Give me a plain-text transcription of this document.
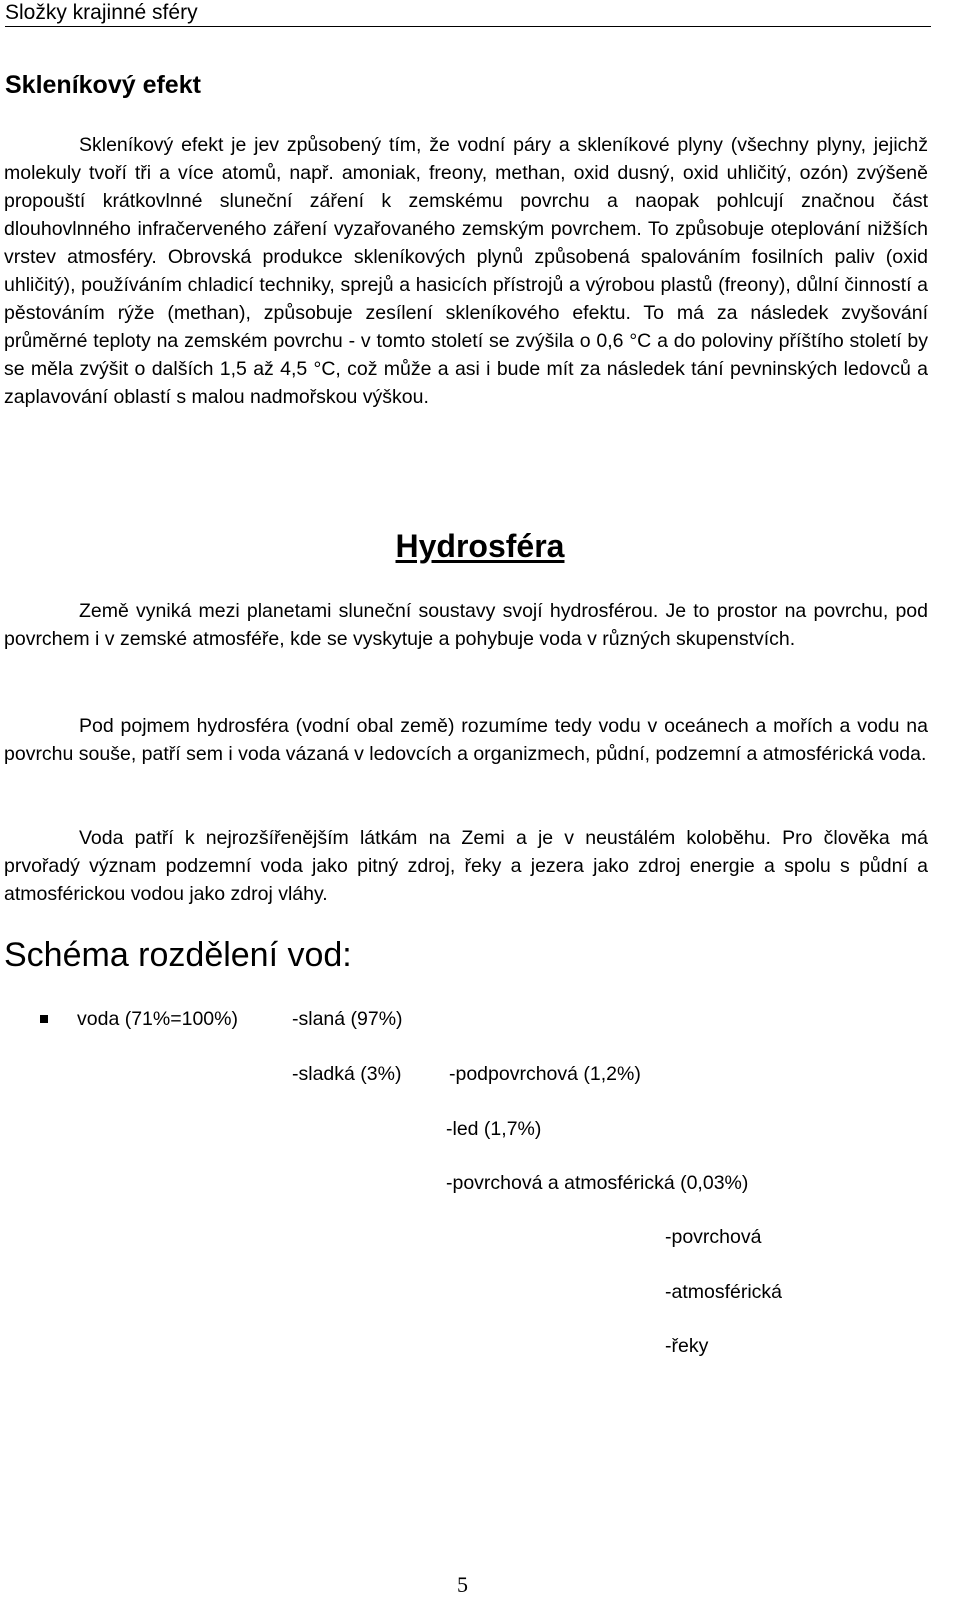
Složky krajinné sféry
Skleníkový efekt

Skleníkový efekt je jev způsobený tím, že vodní páry a skleníkové plyny (všechny plyny, jejichž molekuly tvoří tři a více atomů, např. amoniak, freony, methan, oxid dusný, oxid uhličitý, ozón) zvýšeně propouští krátkovlnné sluneční záření k zemskému povrchu a naopak pohlcují značnou část dlouhovlnného infračerveného záření vyzařovaného zemským povrchem. To způsobuje oteplování nižších vrstev atmosféry. Obrovská produkce skleníkových plynů způsobená spalováním fosilních paliv (oxid uhličitý), používáním chladicí techniky, sprejů a hasicích přístrojů a výrobou plastů (freony), důlní činností a pěstováním rýže (methan), způsobuje zesílení skleníkového efektu. To má za následek zvyšování průměrné teploty na zemském povrchu - v tomto století se zvýšila o 0,6 °C a do poloviny příštího století by se měla zvýšit o dalších 1,5 až 4,5 °C, což může a asi i bude mít za následek tání pevninských ledovců a zaplavování oblastí s malou nadmořskou výškou.

Hydrosféra

Země vyniká mezi planetami sluneční soustavy svojí hydrosférou. Je to prostor na povrchu, pod povrchem i v zemské atmosféře, kde se vyskytuje a pohybuje voda v různých skupenstvích.

Pod pojmem hydrosféra (vodní obal země) rozumíme tedy vodu v oceánech a mořích a vodu na povrchu souše, patří sem i voda vázaná v ledovcích a organizmech, půdní, podzemní a atmosférická voda.

Voda patří k nejrozšířenějším látkám na Zemi a je v neustálém koloběhu. Pro člověka má prvořadý význam podzemní voda jako pitný zdroj, řeky a jezera jako zdroj energie a spolu s půdní a atmosférickou vodou jako zdroj vláhy.

Schéma rozdělení vod:
voda (71%=100%)	-slaná (97%)
-sladká (3%) -podpovrchová (1,2%)
-led (1,7%)
-povrchová a atmosférická (0,03%)
-povrchová
-atmosférická
-řeky
5
